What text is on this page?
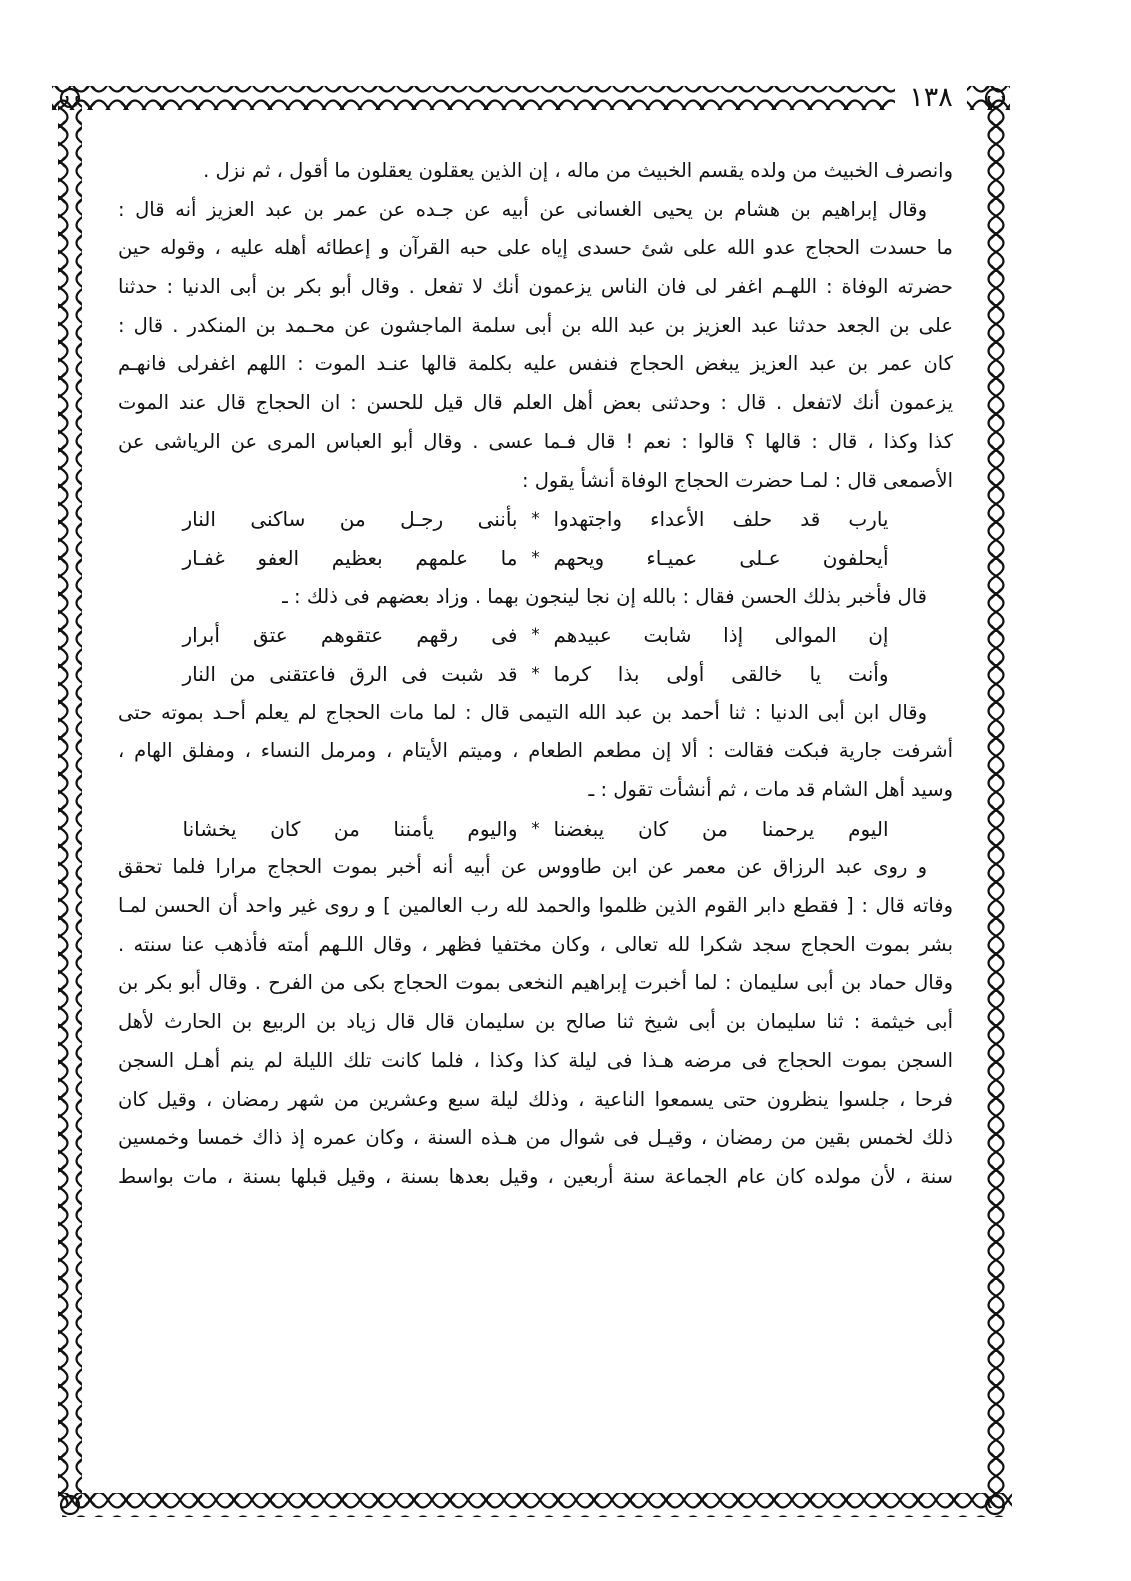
١٣٨
وانصرف الخبيث من ولده يقسم الخبيث من ماله ، إن الذين يعقلون يعقلون ما أقول ، ثم نزل .
وقال إبراهيم بن هشام بن يحيى الغسانى عن أبيه عن جـده عن عمر بن عبد العزيز أنه قال :
ما حسدت الحجاج عدو الله على شئ حسدى إياه على حبه القرآن و إعطائه أهله عليه ، وقوله حين
حضرته الوفاة : اللهـم اغفر لى فان الناس يزعمون أنك لا تفعل . وقال أبو بكر بن أبى الدنيا : حدثنا
على بن الجعد حدثنا عبد العزيز بن عبد الله بن أبى سلمة الماجشون عن محـمد بن المنكدر . قال :
كان عمر بن عبد العزيز يبغض الحجاج فنفس عليه بكلمة قالها عنـد الموت : اللهم اغفرلى فانهـم
يزعمون أنك لاتفعل . قال : وحدثنى بعض أهل العلم قال قيل للحسن : ان الحجاج قال عند الموت
كذا وكذا ، قال : قالها ؟ قالوا : نعم ! قال فـما عسى . وقال أبو العباس المرى عن الرياشى عن
الأصمعى قال : لمـا حضرت الحجاج الوفاة أنشأ يقول :
يارب قد حلف الأعداء واجتهدوا
*
بأننى رجـل من ساكنى النار
أيحلفون عـلى عميـاء ويحهم
*
ما علمهم بعظيم العفو غفـار
قال فأخبر بذلك الحسن فقال : بالله إن نجا لينجون بهما . وزاد بعضهم فى ذلك : ـ
إن الموالى إذا شابت عبيدهم
*
فى رقهم عتقوهم عتق أبرار
وأنت يا خالقى أولى بذا كرما
*
قد شبت فى الرق فاعتقنى من النار
وقال ابن أبى الدنيا : ثنا أحمد بن عبد الله التيمى قال : لما مات الحجاج لم يعلم أحـد بموته حتى
أشرفت جارية فبكت فقالت : ألا إن مطعم الطعام ، وميتم الأيتام ، ومرمل النساء ، ومفلق الهام ،
وسيد أهل الشام قد مات ، ثم أنشأت تقول : ـ
اليوم يرحمنا من كان يبغضنا
*
واليوم يأمننا من كان يخشانا
و روى عبد الرزاق عن معمر عن ابن طاووس عن أبيه أنه أخبر بموت الحجاج مرارا فلما تحقق
وفاته قال : [ فقطع دابر القوم الذين ظلموا والحمد لله رب العالمين ] و روى غير واحد أن الحسن لمـا
بشر بموت الحجاج سجد شكرا لله تعالى ، وكان مختفيا فظهر ، وقال اللـهم أمته فأذهب عنا سنته .
وقال حماد بن أبى سليمان : لما أخبرت إبراهيم النخعى بموت الحجاج بكى من الفرح . وقال أبو بكر بن
أبى خيثمة : ثنا سليمان بن أبى شيخ ثنا صالح بن سليمان قال قال زياد بن الربيع بن الحارث لأهل
السجن بموت الحجاج فى مرضه هـذا فى ليلة كذا وكذا ، فلما كانت تلك الليلة لم ينم أهـل السجن
فرحا ، جلسوا ينظرون حتى يسمعوا الناعية ، وذلك ليلة سبع وعشرين من شهر رمضان ، وقيل كان
ذلك لخمس بقين من رمضان ، وقيـل فى شوال من هـذه السنة ، وكان عمره إذ ذاك خمسا وخمسين
سنة ، لأن مولده كان عام الجماعة سنة أربعين ، وقيل بعدها بسنة ، وقيل قبلها بسنة ، مات بواسط
